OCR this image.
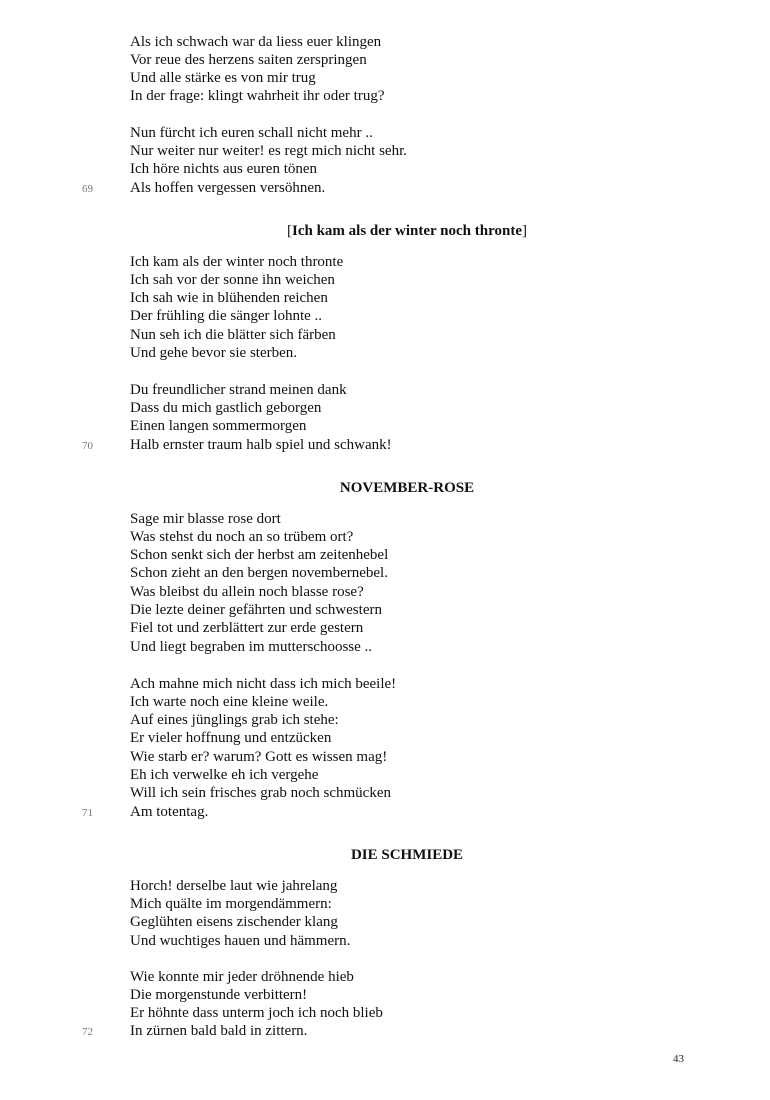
Als ich schwach war da liess euer klingen
Vor reue des herzens saiten zerspringen
Und alle stärke es von mir trug
In der frage: klingt wahrheit ihr oder trug?
Nun fürcht ich euren schall nicht mehr ..
Nur weiter nur weiter! es regt mich nicht sehr.
Ich höre nichts aus euren tönen
Als hoffen vergessen versöhnen.
69
[Ich kam als der winter noch thronte]
Ich kam als der winter noch thronte
Ich sah vor der sonne ihn weichen
Ich sah wie in blühenden reichen
Der frühling die sänger lohnte ..
Nun seh ich die blätter sich färben
Und gehe bevor sie sterben.
Du freundlicher strand meinen dank
Dass du mich gastlich geborgen
Einen langen sommermorgen
Halb ernster traum halb spiel und schwank!
70
NOVEMBER-ROSE
Sage mir blasse rose dort
Was stehst du noch an so trübem ort?
Schon senkt sich der herbst am zeitenhebel
Schon zieht an den bergen novembernebel.
Was bleibst du allein noch blasse rose?
Die lezte deiner gefährten und schwestern
Fiel tot und zerblättert zur erde gestern
Und liegt begraben im mutterschoosse ..
Ach mahne mich nicht dass ich mich beeile!
Ich warte noch eine kleine weile.
Auf eines jünglings grab ich stehe:
Er vieler hoffnung und entzücken
Wie starb er? warum? Gott es wissen mag!
Eh ich verwelke eh ich vergehe
Will ich sein frisches grab noch schmücken
Am totentag.
71
DIE SCHMIEDE
Horch! derselbe laut wie jahrelang
Mich quälte im morgendämmern:
Geglühten eisens zischender klang
Und wuchtiges hauen und hämmern.
Wie konnte mir jeder dröhnende hieb
Die morgenstunde verbittern!
Er höhnte dass unterm joch ich noch blieb
In zürnen bald bald in zittern.
72
43
